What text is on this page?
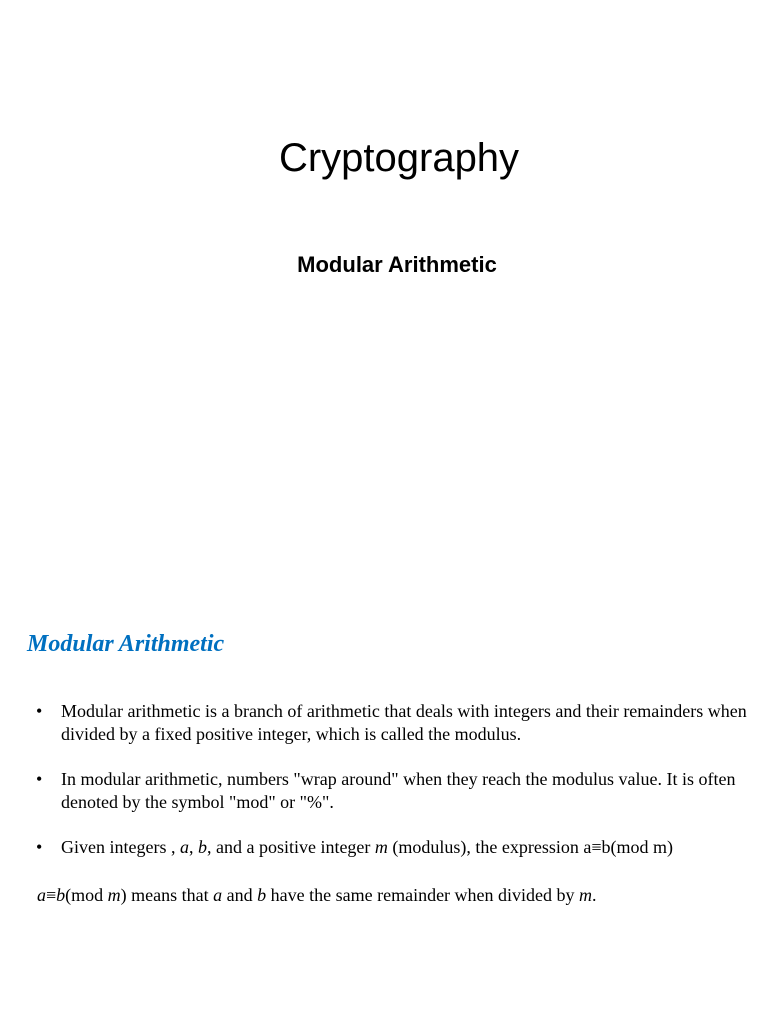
Cryptography
Modular Arithmetic
Modular Arithmetic
• Modular arithmetic is a branch of arithmetic that deals with integers and their remainders when divided by a fixed positive integer, which is called the modulus.
• In modular arithmetic, numbers "wrap around" when they reach the modulus value. It is often denoted by the symbol "mod" or "%".
• Given integers , a, b, and a positive integer m (modulus), the expression a≡b(mod m)
a≡b(mod m) means that a and b have the same remainder when divided by m.
